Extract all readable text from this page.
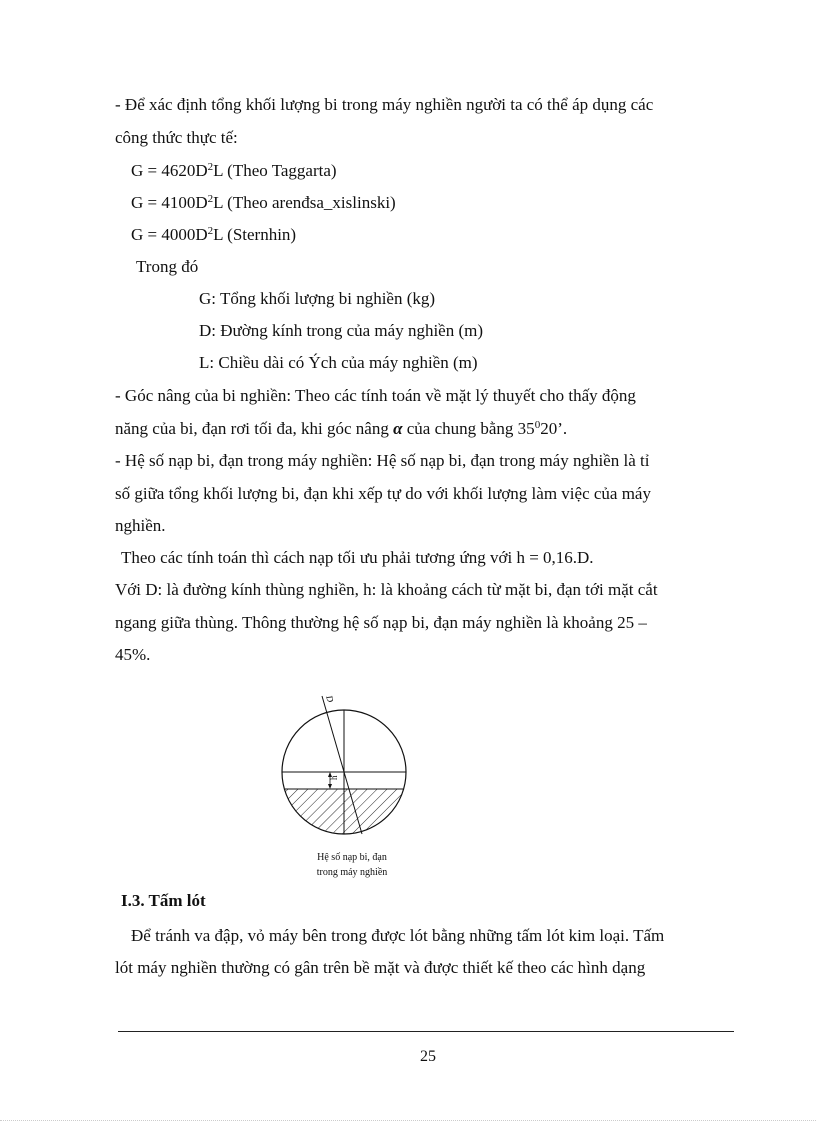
- Để xác định tổng khối lượng bi trong máy nghiền người ta có thể áp dụng các
công thức thực tế:
$G = 4620D^2L$ (Theo Taggarta)
$G = 4100D^2L$ (Theo arenđsa_xislinski)
$G = 4000D^2L$ (Sternhin)
Trong đó
G: Tổng khối lượng bi nghiền (kg)
D: Đường kính trong của máy nghiền (m)
L: Chiều dài có Ých của máy nghiền (m)
- Góc nâng của bi nghiền: Theo các tính toán về mặt lý thuyết cho thấy động
năng của bi, đạn rơi tối đa, khi góc nâng α của chung bằng $35^020$’.
- Hệ số nạp bi, đạn trong máy nghiền: Hệ số nạp bi, đạn trong máy nghiền là tỉ
số giữa tổng khối lượng bi, đạn khi xếp tự do với khối lượng làm việc của máy
nghiền.
Theo các tính toán thì cách nạp tối ưu phải tương ứng với h = 0,16.D.
Với D: là đường kính thùng nghiền, h: là khoảng cách từ mặt bi, đạn tới mặt cắt
ngang giữa thùng. Thông thường hệ số nạp bi, đạn máy nghiền là khoảng 25 –
45%.
h
D
Hệ số nạp bi, đạn
trong máy nghiền
I.3. Tấm lót
Để tránh va đập, vỏ máy bên trong được lót bằng những tấm lót kim loại. Tấm
lót máy nghiền thường có gân trên bề mặt và được thiết kế theo các hình dạng
25
